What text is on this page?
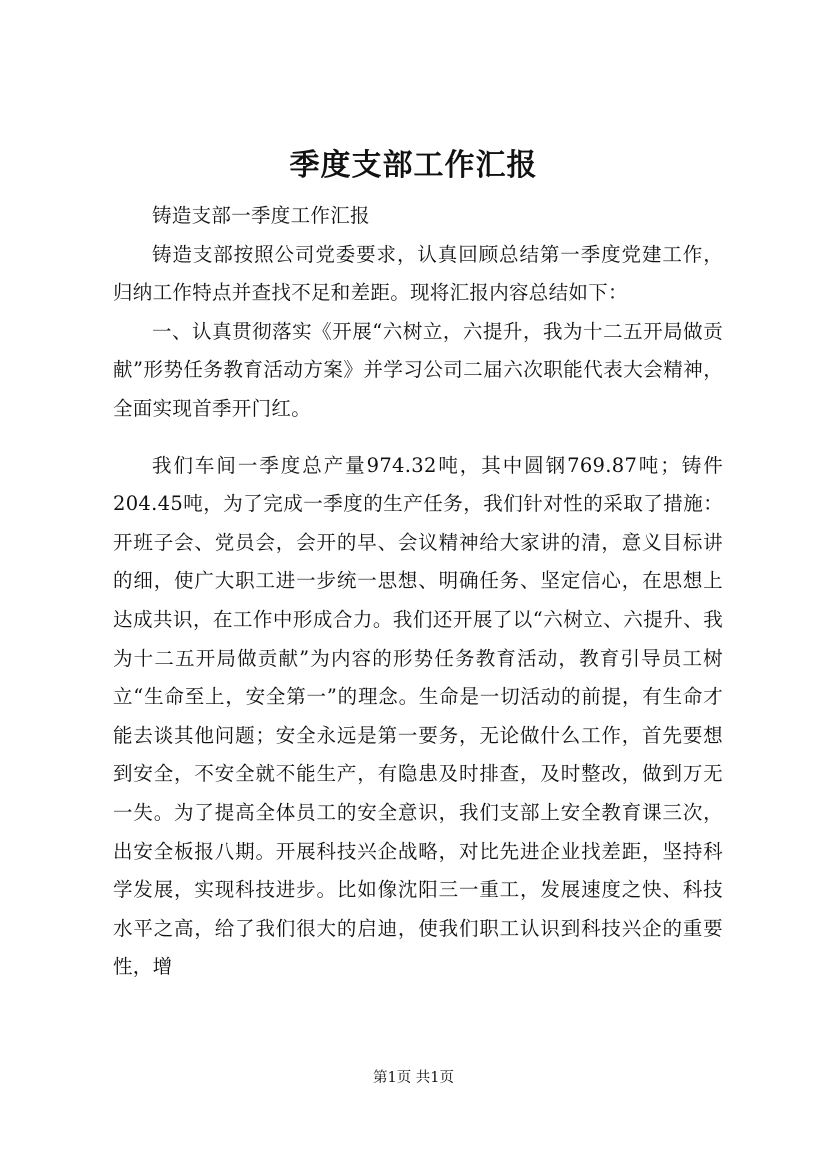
季度支部工作汇报

铸造支部一季度工作汇报

铸造支部按照公司党委要求，认真回顾总结第一季度党建工作，归纳工作特点并查找不足和差距。现将汇报内容总结如下：

一、认真贯彻落实《开展“六树立，六提升，我为十二五开局做贡献”形势任务教育活动方案》并学习公司二届六次职能代表大会精神，全面实现首季开门红。

我们车间一季度总产量974.32吨，其中圆钢769.87吨；铸件204.45吨，为了完成一季度的生产任务，我们针对性的采取了措施：开班子会、党员会，会开的早、会议精神给大家讲的清，意义目标讲的细，使广大职工进一步统一思想、明确任务、坚定信心，在思想上达成共识，在工作中形成合力。我们还开展了以“六树立、六提升、我为十二五开局做贡献”为内容的形势任务教育活动，教育引导员工树立“生命至上，安全第一”的理念。生命是一切活动的前提，有生命才能去谈其他问题；安全永远是第一要务，无论做什么工作，首先要想到安全，不安全就不能生产，有隐患及时排查，及时整改，做到万无一失。为了提高全体员工的安全意识，我们支部上安全教育课三次，出安全板报八期。开展科技兴企战略，对比先进企业找差距，坚持科学发展，实现科技进步。比如像沈阳三一重工，发展速度之快、科技水平之高，给了我们很大的启迪，使我们职工认识到科技兴企的重要性，增

第1页 共1页
